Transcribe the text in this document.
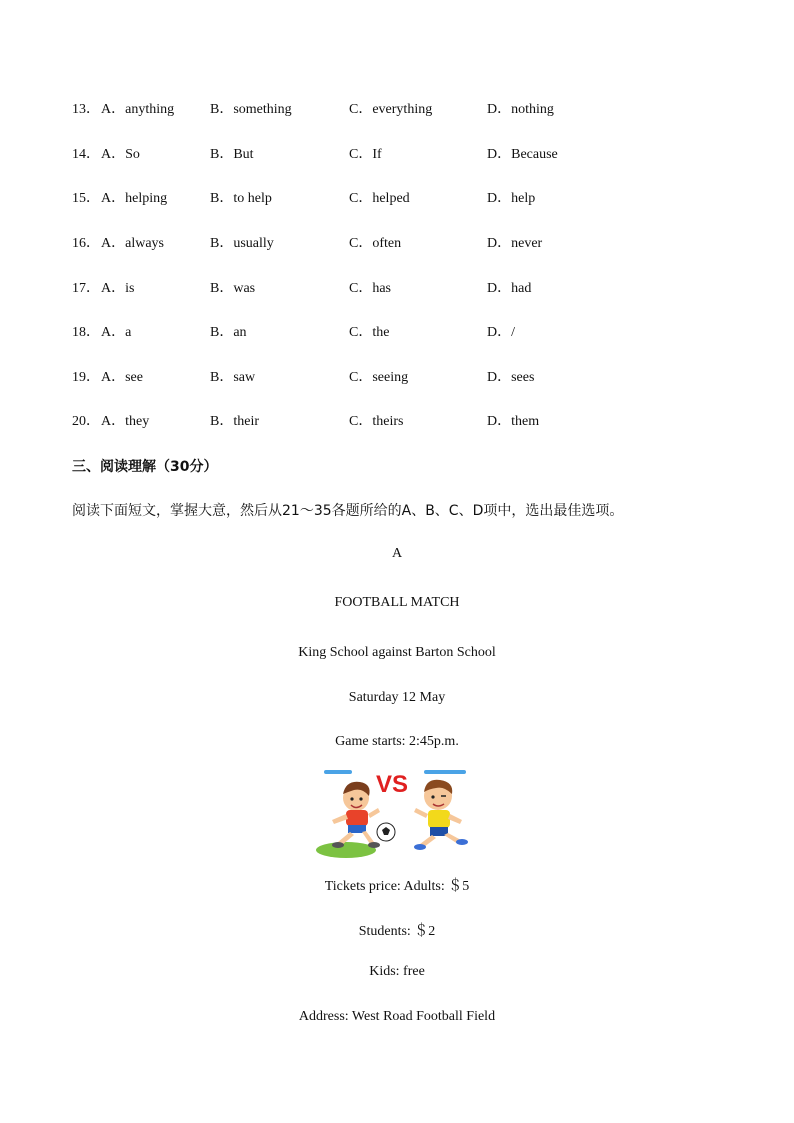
13． A．anything	B．something	C．everything	D．nothing
14． A．So	B．But	C．If	D．Because
15． A．helping	B．to help	C．helped	D．help
16． A．always	B．usually	C．often	D．never
17． A．is	B．was	C．has	D．had
18． A．a	B．an	C．the	D．/
19． A．see	B．saw	C．seeing	D．sees
20． A．they	B．their	C．theirs	D．them
三、阅读理解（30分）
阅读下面短文，掌握大意，然后从21～35各题所给的A、B、C、D项中，选出最佳选项。
A
FOOTBALL MATCH
King School against Barton School
Saturday 12 May
Game starts: 2:45p.m.
VS
Tickets price: Adults: ＄5
Students: ＄2
Kids: free
Address: West Road Football Field
